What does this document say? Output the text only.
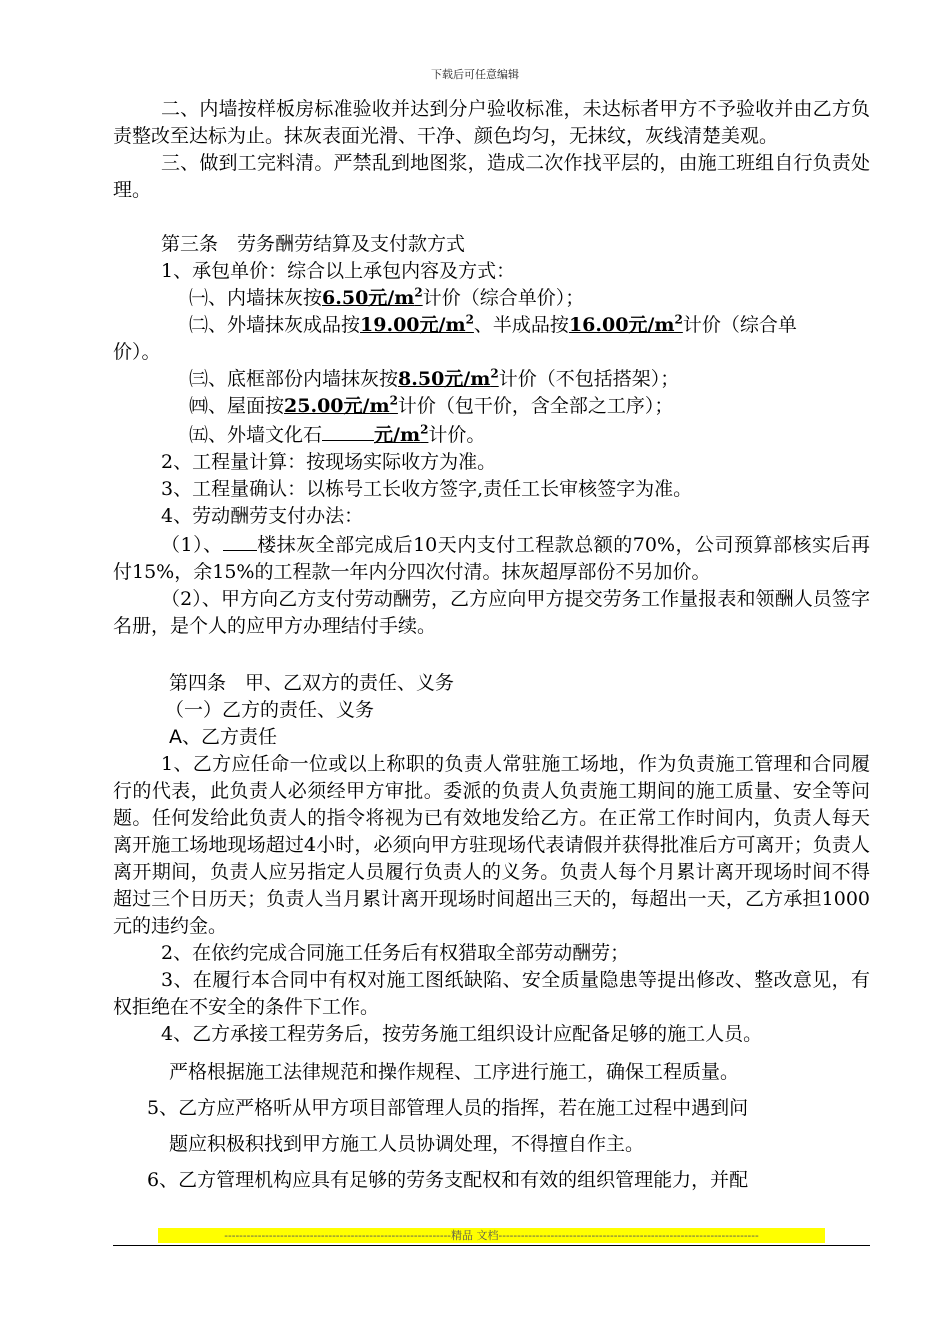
下载后可任意编辑

二、内墙按样板房标准验收并达到分户验收标准，未达标者甲方不予验收并由乙方负责整改至达标为止。抹灰表面光滑、干净、颜色均匀，无抹纹，灰线清楚美观。

三、做到工完料清。严禁乱到地图浆，造成二次作找平层的，由施工班组自行负责处理。

第三条　劳务酬劳结算及支付款方式

1、承包单价：综合以上承包内容及方式：

㈠、内墙抹灰按6.50元$/m^2$计价（综合单价）；

㈡、外墙抹灰成品按19.00元$/m^2$、半成品按16.00元$/m^2$计价（综合单

价）。

㈢、底框部份内墙抹灰按8.50元$/m^2$计价（不包括搭架）；

㈣、屋面按25.00元$/m^2$计价（包干价，含全部之工序）；

㈤、外墙文化石	元$/m^2$计价。

2、工程量计算：按现场实际收方为准。

3、工程量确认：以栋号工长收方签字,责任工长审核签字为准。

4、劳动酬劳支付办法：

（1）、 楼抹灰全部完成后10天内支付工程款总额的70%，公司预算部核实后再付15%，余15%的工程款一年内分四次付清。抹灰超厚部份不另加价。

（2）、甲方向乙方支付劳动酬劳，乙方应向甲方提交劳务工作量报表和领酬人员签字名册，是个人的应甲方办理结付手续。

第四条　甲、乙双方的责任、义务

（一）乙方的责任、义务

A、乙方责任

1、乙方应任命一位或以上称职的负责人常驻施工场地，作为负责施工管理和合同履行的代表，此负责人必须经甲方审批。委派的负责人负责施工期间的施工质量、安全等问题。任何发给此负责人的指令将视为已有效地发给乙方。在正常工作时间内，负责人每天离开施工场地现场超过4小时，必须向甲方驻现场代表请假并获得批准后方可离开；负责人离开期间，负责人应另指定人员履行负责人的义务。负责人每个月累计离开现场时间不得超过三个日历天；负责人当月累计离开现场时间超出三天的，每超出一天，乙方承担1000元的违约金。

2、在依约完成合同施工任务后有权猎取全部劳动酬劳；

3、在履行本合同中有权对施工图纸缺陷、安全质量隐患等提出修改、整改意见，有权拒绝在不安全的条件下工作。

4、乙方承接工程劳务后，按劳务施工组织设计应配备足够的施工人员。

严格根据施工法律规范和操作规程、工序进行施工，确保工程质量。

5、乙方应严格听从甲方项目部管理人员的指挥，若在施工过程中遇到问

题应积极积找到甲方施工人员协调处理，不得擅自作主。

6、乙方管理机构应具有足够的劳务支配权和有效的组织管理能力，并配

-------------------------------------------------------------精品 文档----------------------------------------------------------------------
